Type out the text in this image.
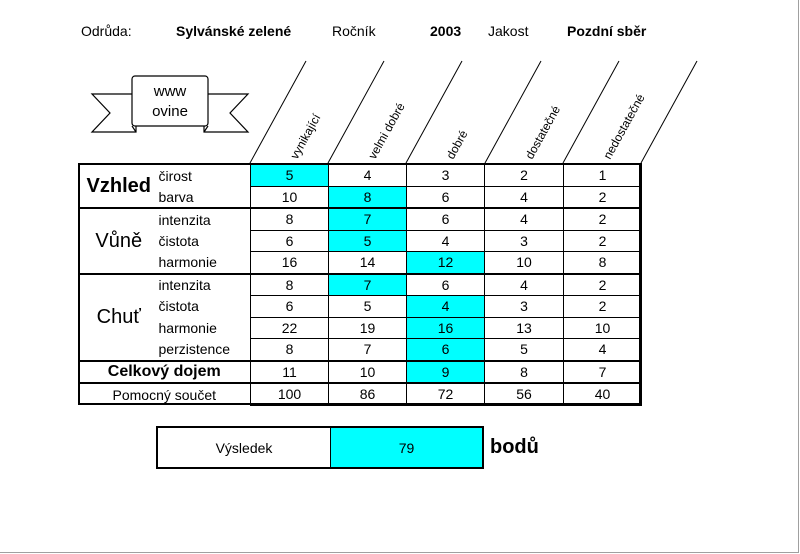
Odrůda:	Sylvánské zelené	Ročník	2003 Jakost	Pozdní sběr
www
ovine	vynikající	velmi dobré	dobré	dostatečné	nedostatečné
Vzhled	čirost	5	4	3	2	1
	barva	10	8	6	4	2
Vůně	intenzita	8	7	6	4	2
	čistota	6	5	4	3	2
	harmonie	16	14	12	10	8
Chuť	intenzita	8	7	6	4	2
	čistota	6	5	4	3	2
	harmonie	22	19	16	13	10
	perzistence	8	7	6	5	4
Celkový dojem		11	10	9	8	7
Pomocný součet		100	86	72	56	40
Výsledek	79	bodů
